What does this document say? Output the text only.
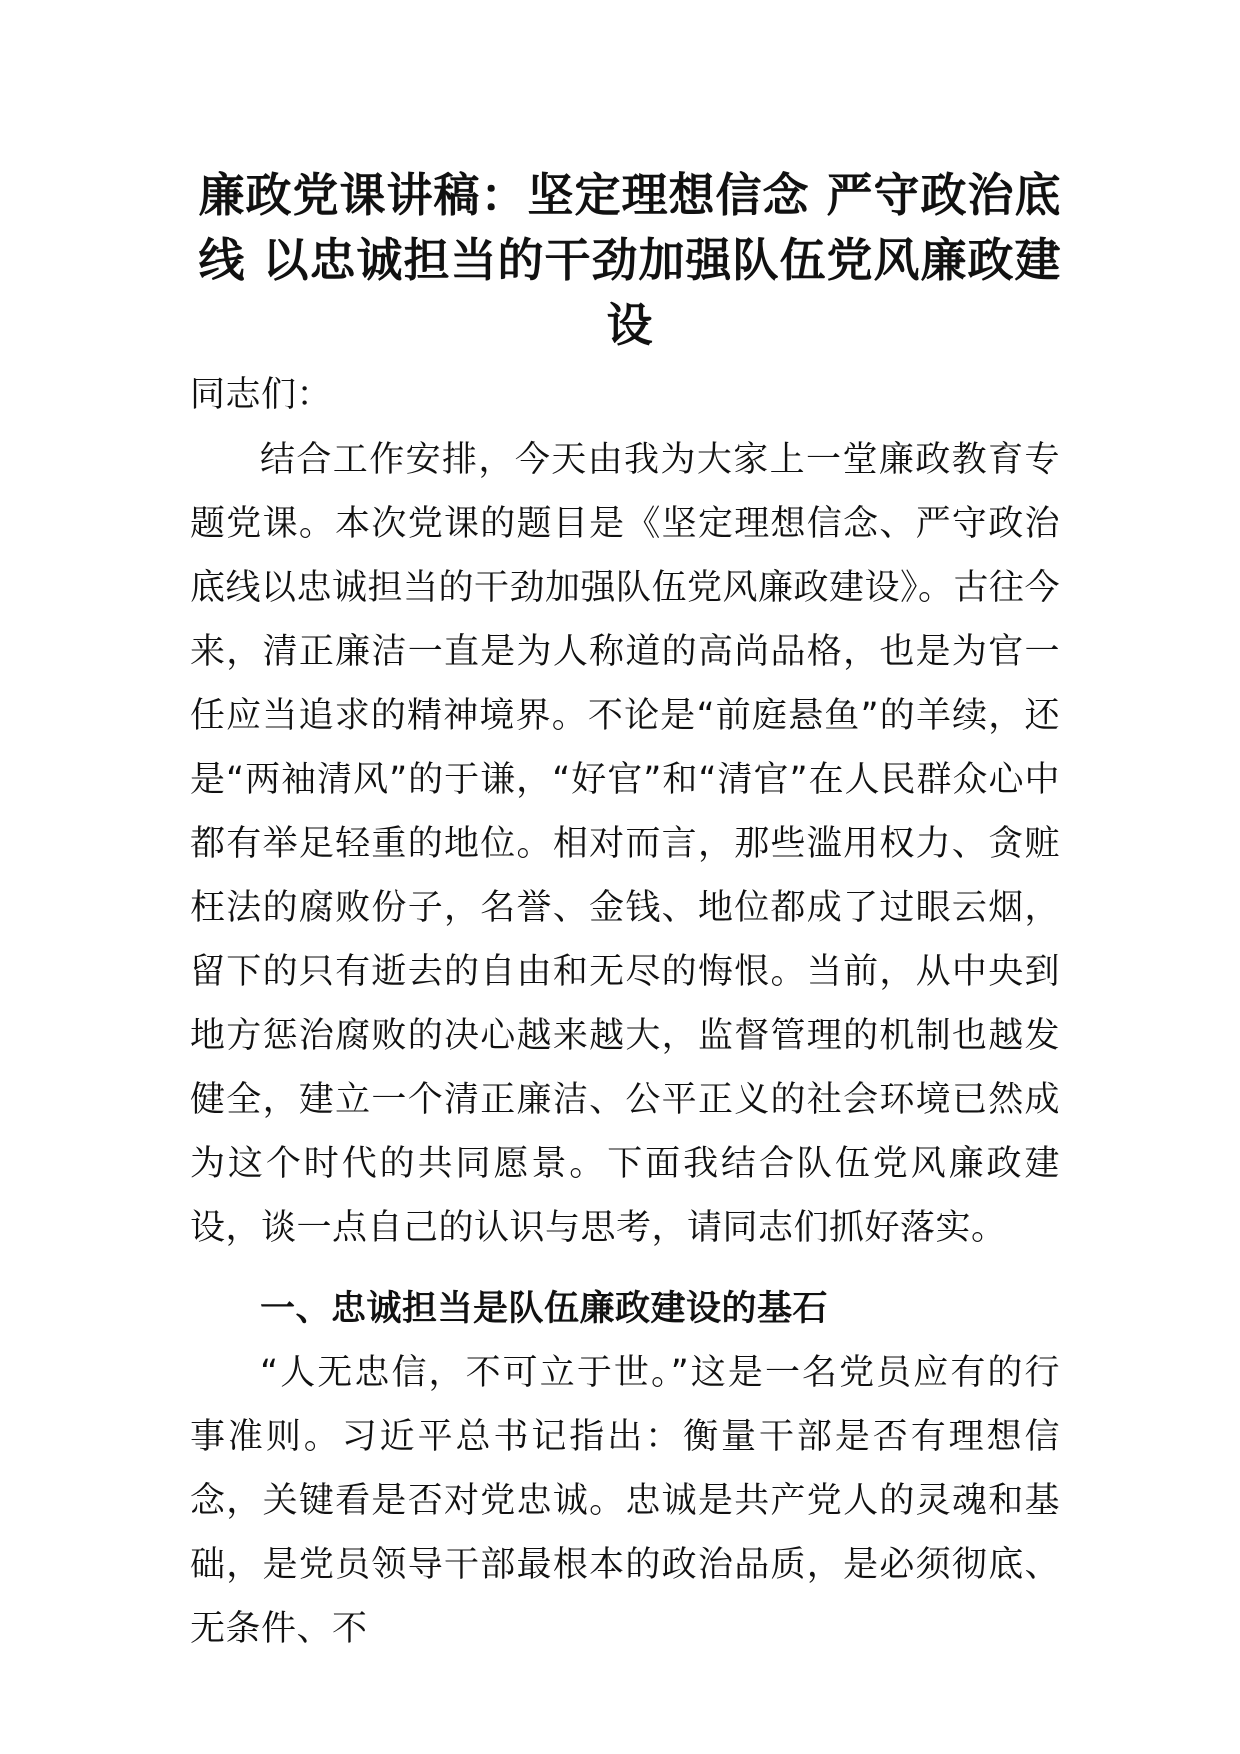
廉政党课讲稿：坚定理想信念 严守政治底线 以忠诚担当的干劲加强队伍党风廉政建设
同志们：
结合工作安排，今天由我为大家上一堂廉政教育专题党课。本次党课的题目是《坚定理想信念、严守政治底线以忠诚担当的干劲加强队伍党风廉政建设》。古往今来，清正廉洁一直是为人称道的高尚品格，也是为官一任应当追求的精神境界。不论是“前庭悬鱼”的羊续，还是“两袖清风”的于谦，“好官”和“清官”在人民群众心中都有举足轻重的地位。相对而言，那些滥用权力、贪赃枉法的腐败份子，名誉、金钱、地位都成了过眼云烟，留下的只有逝去的自由和无尽的悔恨。当前，从中央到地方惩治腐败的决心越来越大，监督管理的机制也越发健全，建立一个清正廉洁、公平正义的社会环境已然成为这个时代的共同愿景。下面我结合队伍党风廉政建设，谈一点自己的认识与思考，请同志们抓好落实。
一、忠诚担当是队伍廉政建设的基石
“人无忠信，不可立于世。”这是一名党员应有的行事准则。习近平总书记指出：衡量干部是否有理想信念，关键看是否对党忠诚。忠诚是共产党人的灵魂和基础，是党员领导干部最根本的政治品质，是必须彻底、无条件、不
